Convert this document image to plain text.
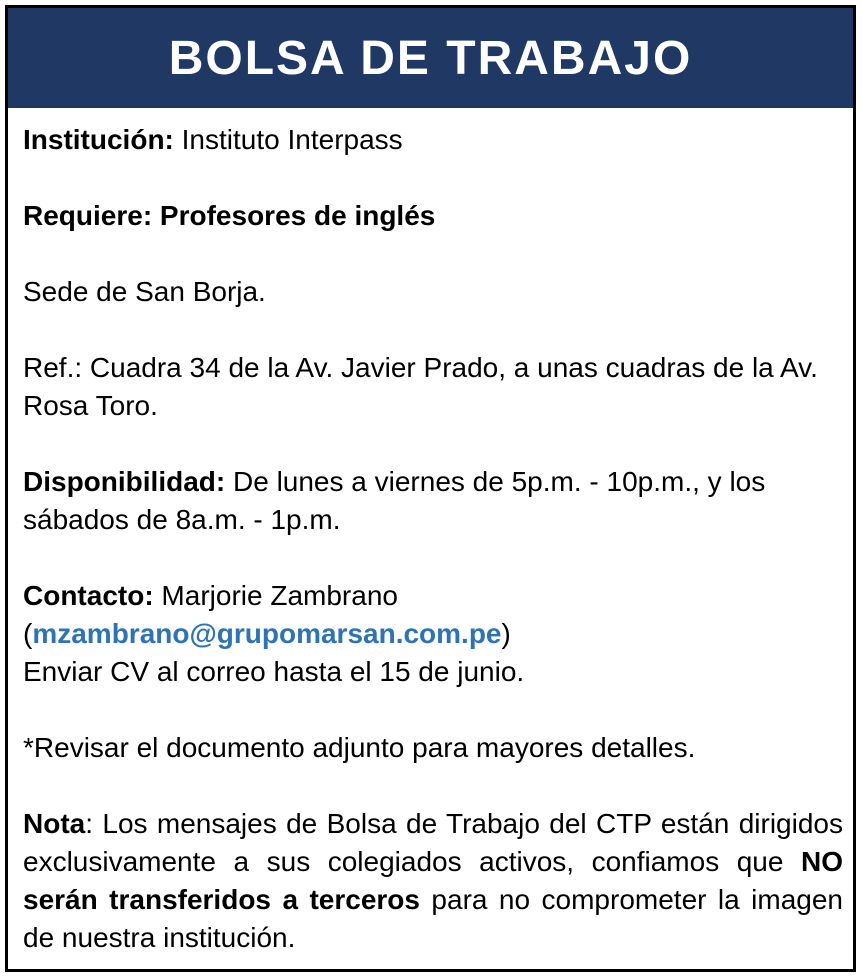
BOLSA DE TRABAJO

Institución: Instituto Interpass

Requiere: Profesores de inglés

Sede de San Borja.

Ref.: Cuadra 34 de la Av. Javier Prado, a unas cuadras de la Av. Rosa Toro.

Disponibilidad: De lunes a viernes de 5p.m. - 10p.m., y los sábados de 8a.m. - 1p.m.

Contacto: Marjorie Zambrano
(mzambrano@grupomarsan.com.pe)
Enviar CV al correo hasta el 15 de junio.

*Revisar el documento adjunto para mayores detalles.

Nota: Los mensajes de Bolsa de Trabajo del CTP están dirigidos exclusivamente a sus colegiados activos, confiamos que NO serán transferidos a terceros para no comprometer la imagen de nuestra institución.
